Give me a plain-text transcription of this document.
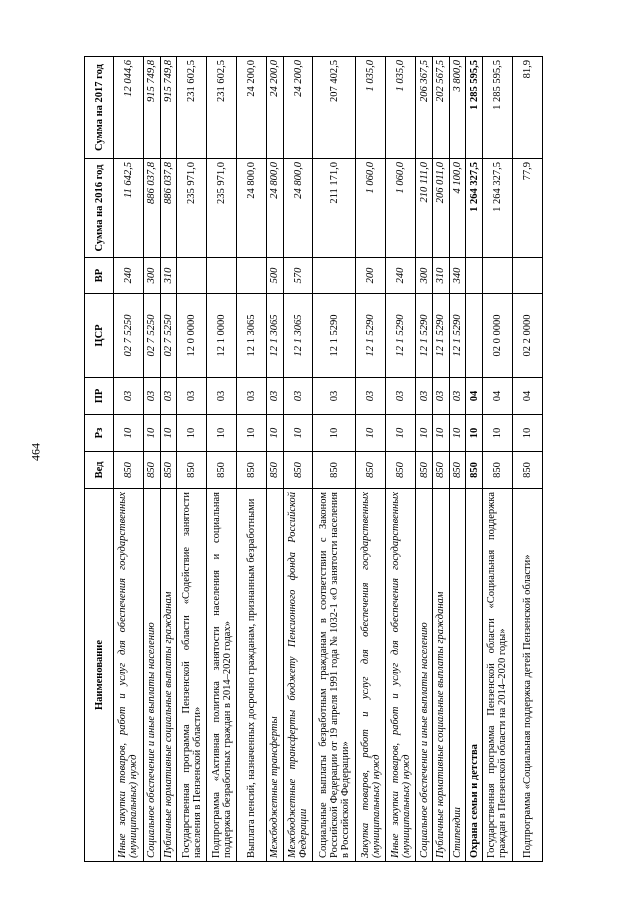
464
Наименование	Вед	Рз	ПР	ЦСР	ВР	Сумма на 2016 год	Сумма на 2017 год
Иные закупки товаров, работ и услуг для обеспечения государственных (муниципальных) нужд	850	10	03	02 7 5250	240	11 642,5	12 044,6
Социальное обеспечение и иные выплаты населению	850	10	03	02 7 5250	300	886 037,8	915 749,8
Публичные нормативные социальные выплаты гражданам	850	10	03	02 7 5250	310	886 037,8	915 749,8
Государственная программа Пензенской области «Содействие занятости населения в Пензенской области»	850	10	03	12 0 0000		235 971,0	231 602,5
Подпрограмма «Активная политика занятости населения и социальная поддержка безработных граждан в 2014–2020 годах»	850	10	03	12 1 0000		235 971,0	231 602,5
Выплата пенсий, назначенных досрочно гражданам, признанным безработными	850	10	03	12 1 3065		24 800,0	24 200,0
Межбюджетные трансферты	850	10	03	12 1 3065	500	24 800,0	24 200,0
Межбюджетные трансферты бюджету Пенсионного фонда Российской Федерации	850	10	03	12 1 3065	570	24 800,0	24 200,0
Социальные выплаты безработным гражданам в соответствии с Законом Российской Федерации от 19 апреля 1991 года № 1032-1 «О занятости населения в Российской Федерации»	850	10	03	12 1 5290		211 171,0	207 402,5
Закупка товаров, работ и услуг для обеспечения государственных (муниципальных) нужд	850	10	03	12 1 5290	200	1 060,0	1 035,0
Иные закупки товаров, работ и услуг для обеспечения государственных (муниципальных) нужд	850	10	03	12 1 5290	240	1 060,0	1 035,0
Социальное обеспечение и иные выплаты населению	850	10	03	12 1 5290	300	210 111,0	206 367,5
Публичные нормативные социальные выплаты гражданам	850	10	03	12 1 5290	310	206 011,0	202 567,5
Стипендии	850	10	03	12 1 5290	340	4 100,0	3 800,0
Охрана семьи и детства	850	10	04			1 264 327,5	1 285 595,5
Государственная программа Пензенской области «Социальная поддержка граждан в Пензенской области на 2014–2020 годы»	850	10	04	02 0 0000		1 264 327,5	1 285 595,5
Подпрограмма «Социальная поддержка детей Пензенской области»	850	10	04	02 2 0000		77,9	81,9
